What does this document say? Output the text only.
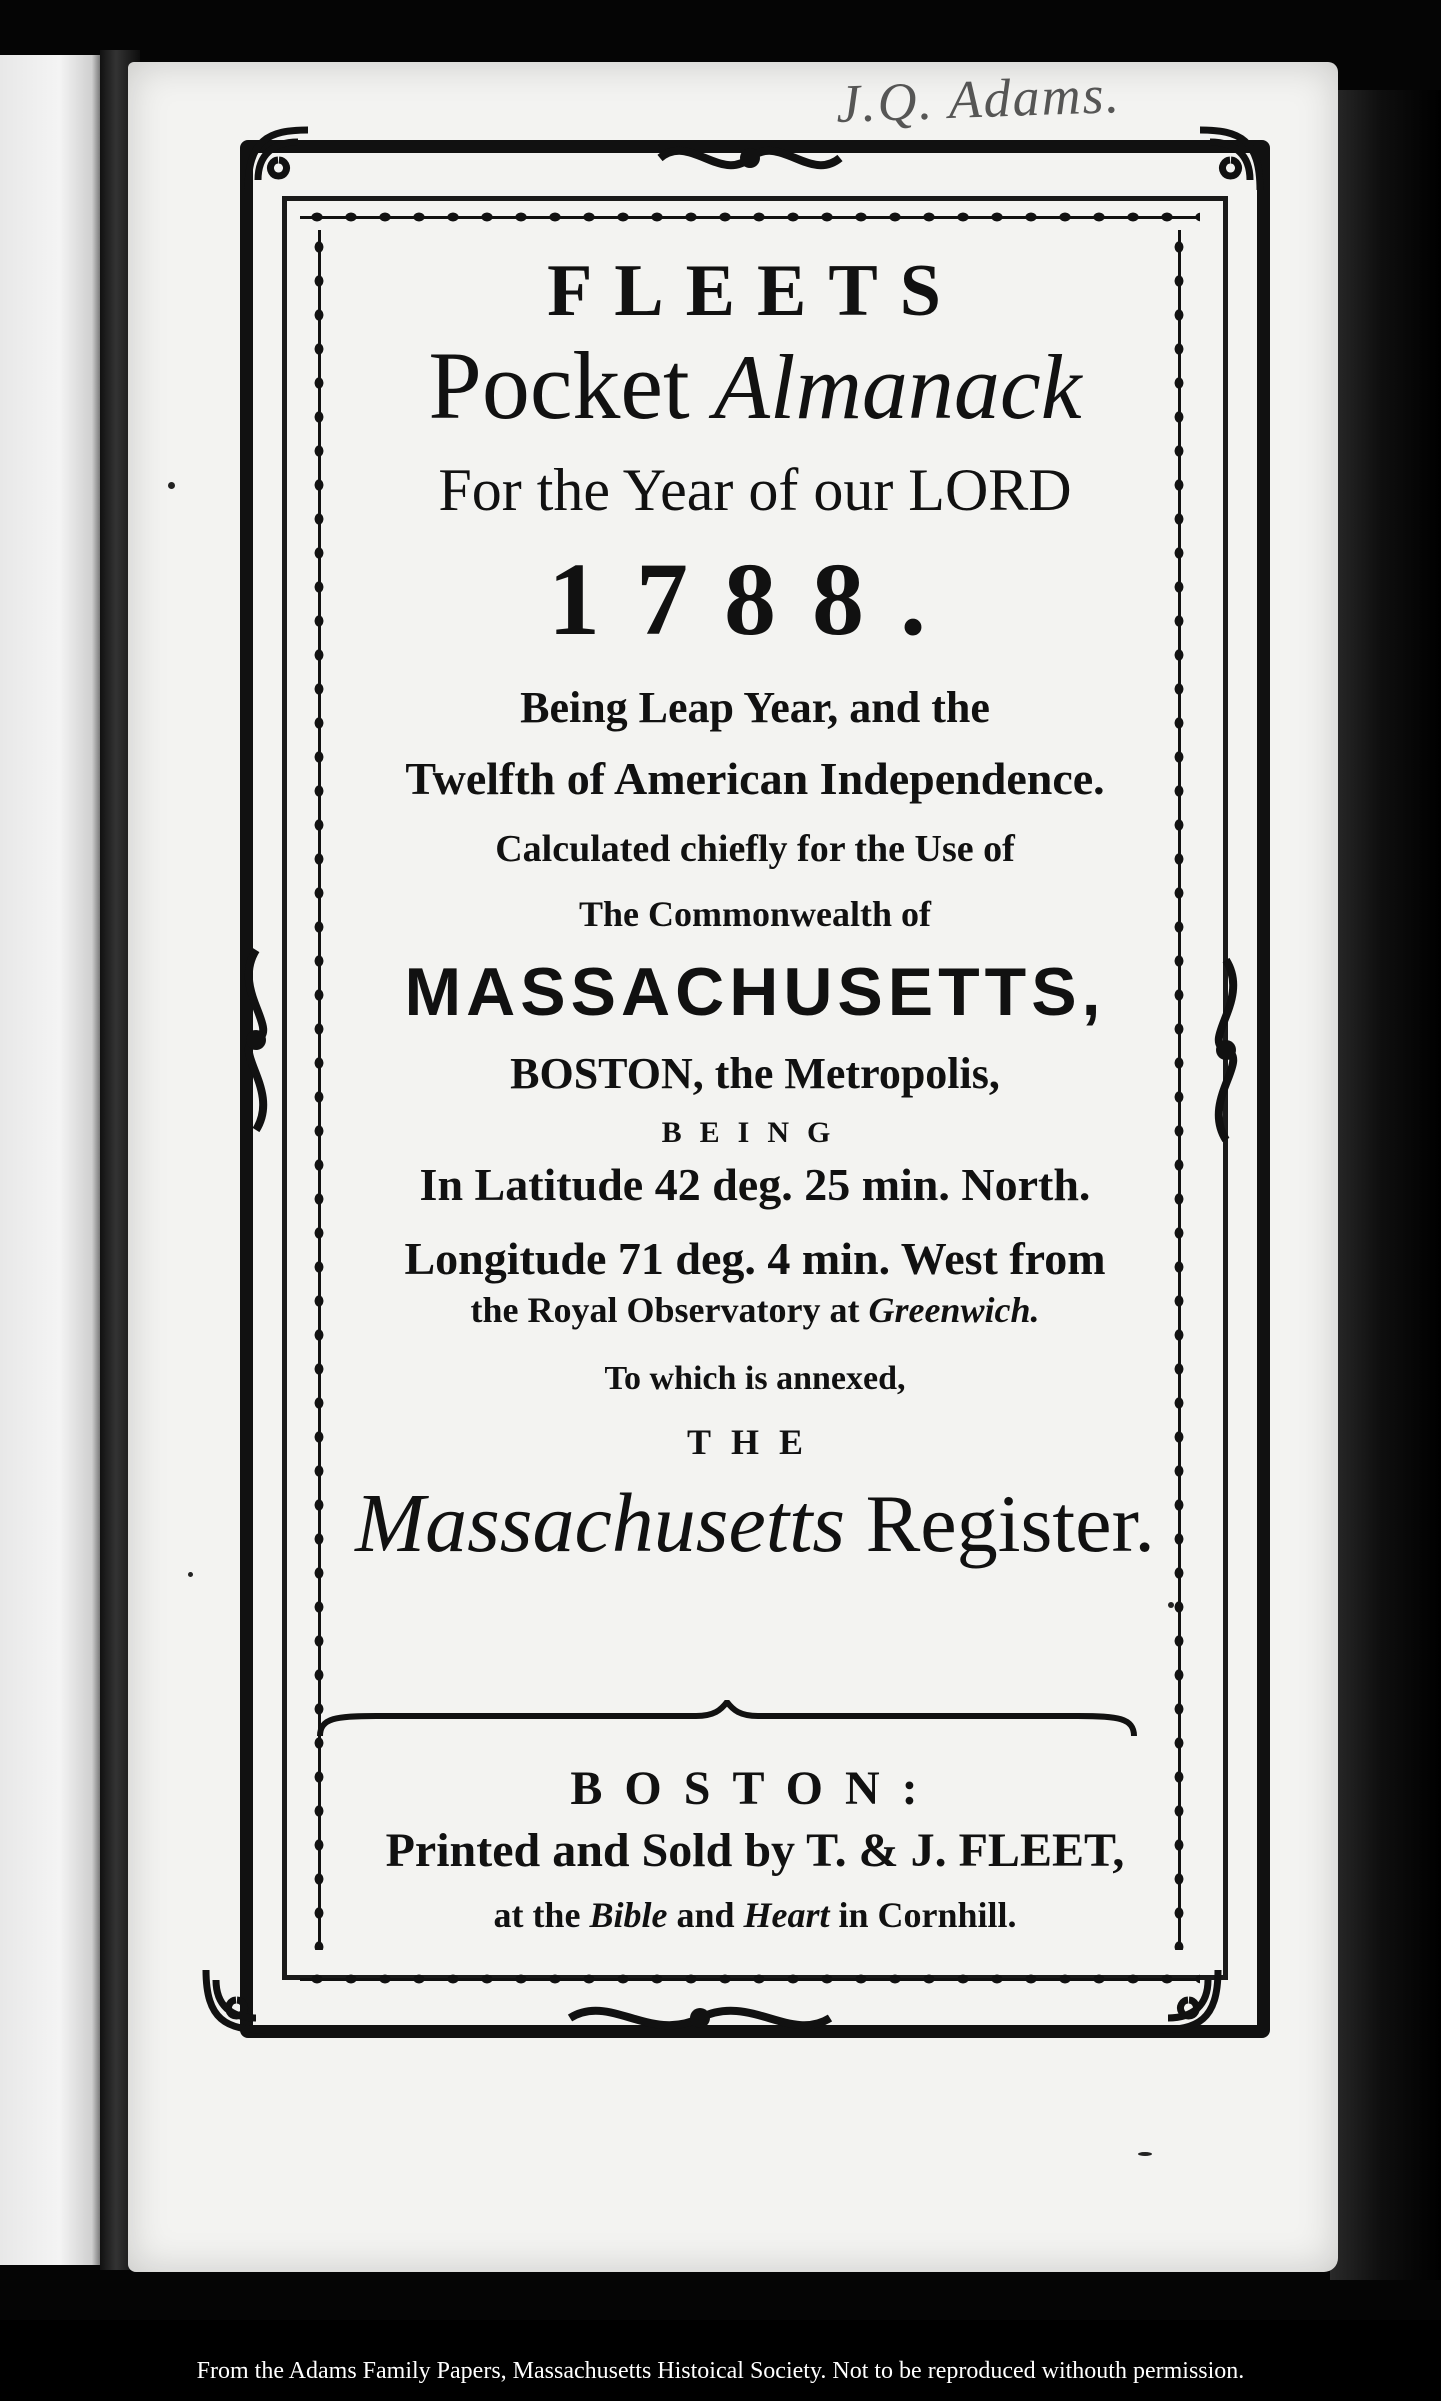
J.Q. Adams.
FLEETS
Pocket Almanack
For the Year of our LORD
1788.
Being Leap Year, and the
Twelfth of American Independence.
Calculated chiefly for the Use of
The Commonwealth of
MASSACHUSETTS,
BOSTON, the Metropolis,
BEING
In Latitude 42 deg. 25 min. North.
Longitude 71 deg. 4 min. West from
the Royal Observatory at Greenwich.
To which is annexed,
THE
Massachusetts Register.
BOSTON:
Printed and Sold by T. & J. FLEET,
at the Bible and Heart in Cornhill.
From the Adams Family Papers, Massachusetts Histoical Society. Not to be reproduced withouth permission.
